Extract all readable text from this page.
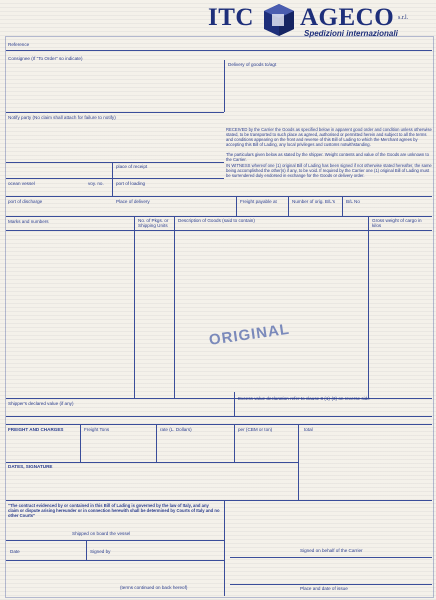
ITC AGECO s.r.l.
Spedizioni internazionali
Reference
Consignee (If "To Order" so indicate)
Delivery of goods to/agt
Notify party (No claim shall attach for failure to notify)
RECEIVED by the Carrier the Goods as specified below in apparent good order and condition unless otherwise stated, to be transported to such place as agreed, authorised or permitted herein and subject to all the terms and conditions appearing on the front and reverse of this Bill of Lading to which the Merchant agrees by accepting this Bill of Lading, any local privileges and customs notwithstanding.
The particulars given below as stated by the shipper. Weight contents and value of the Goods are unknown to the Carrier.
IN WITNESS whereof one (1) original Bill of Lading has been signed if not otherwise stated hereafter, the same being accomplished the other(s) if any, to be void. If required by the Carrier one (1) original Bill of Lading must be surrendered duly endorsed in exchange for the Goods or delivery order.
place of receipt
ocean vessel	voy. no.	port of loading
port of discharge	Place of delivery	Freight payable at	Number of orig. B/L's B/L No
Marks and numbers	No. of Pkgs. or Shipping Units
Description of Goods (said to contain)	Gross weight of cargo in kilos
ORIGINAL
Shipper's declared value (if any)
Excess value declaration refer to clause 8 (1)-(3) on reverse side
FREIGHT AND CHARGES	Freight Tons	rate (L. Dollars)	per (CBM or ton)	total
DATES, SIGNATURE
"The contract evidenced by or contained in this Bill of Lading is governed by the law of Italy, and any claim or dispute arising hereunder or in connection herewith shall be determined by Courts of Italy and no other Courts"
Shipped on board the vessel
Date	Signed by	Signed on behalf of the Carrier
Place and date of issue
(terms continued on back hereof)
